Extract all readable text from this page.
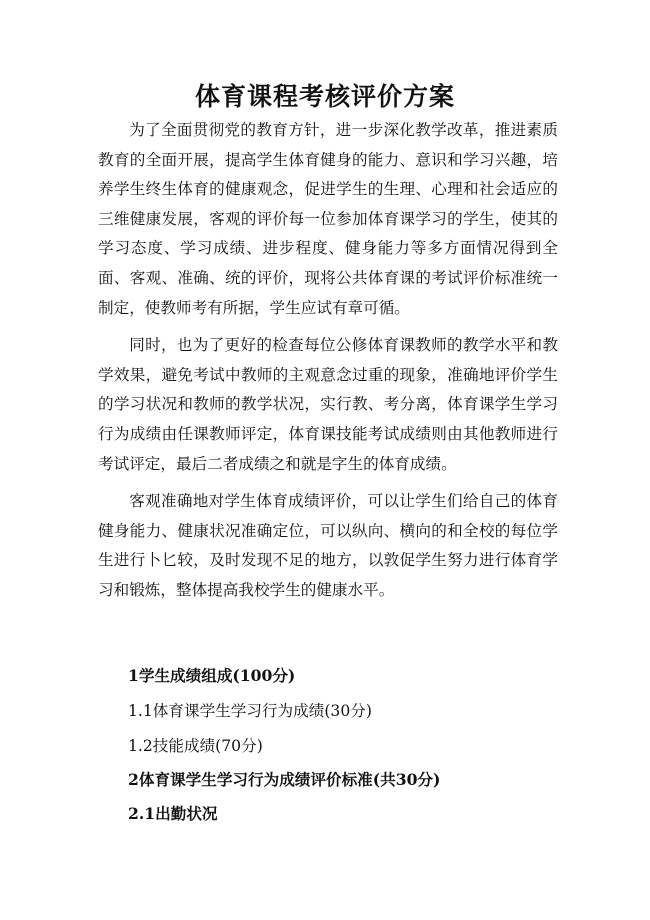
体育课程考核评价方案

为了全面贯彻党的教育方针，进一步深化教学改革，推进素质教育的全面开展，提高学生体育健身的能力、意识和学习兴趣，培养学生终生体育的健康观念，促进学生的生理、心理和社会适应的三维健康发展，客观的评价每一位参加体育课学习的学生，使其的学习态度、学习成绩、进步程度、健身能力等多方面情况得到全面、客观、准确、统的评价，现将公共体育课的考试评价标准统一制定，使教师考有所据，学生应试有章可循。

同时，也为了更好的检查每位公修体育课教师的教学水平和教学效果，避免考试中教师的主观意念过重的现象，准确地评价学生的学习状况和教师的教学状况，实行教、考分离，体育课学生学习行为成绩由任课教师评定，体育课技能考试成绩则由其他教师进行考试评定，最后二者成绩之和就是字生的体育成绩。

客观准确地对学生体育成绩评价，可以让学生们给自己的体育健身能力、健康状况准确定位，可以纵向、横向的和全校的每位学生进行卜匕较，及时发现不足的地方，以敦促学生努力进行体育学习和锻炼，整体提高我校学生的健康水平。

1学生成绩组成(100分)

1.1体育课学生学习行为成绩(30分)

1.2技能成绩(70分)

2体育课学生学习行为成绩评价标准(共30分)

2.1出勤状况
